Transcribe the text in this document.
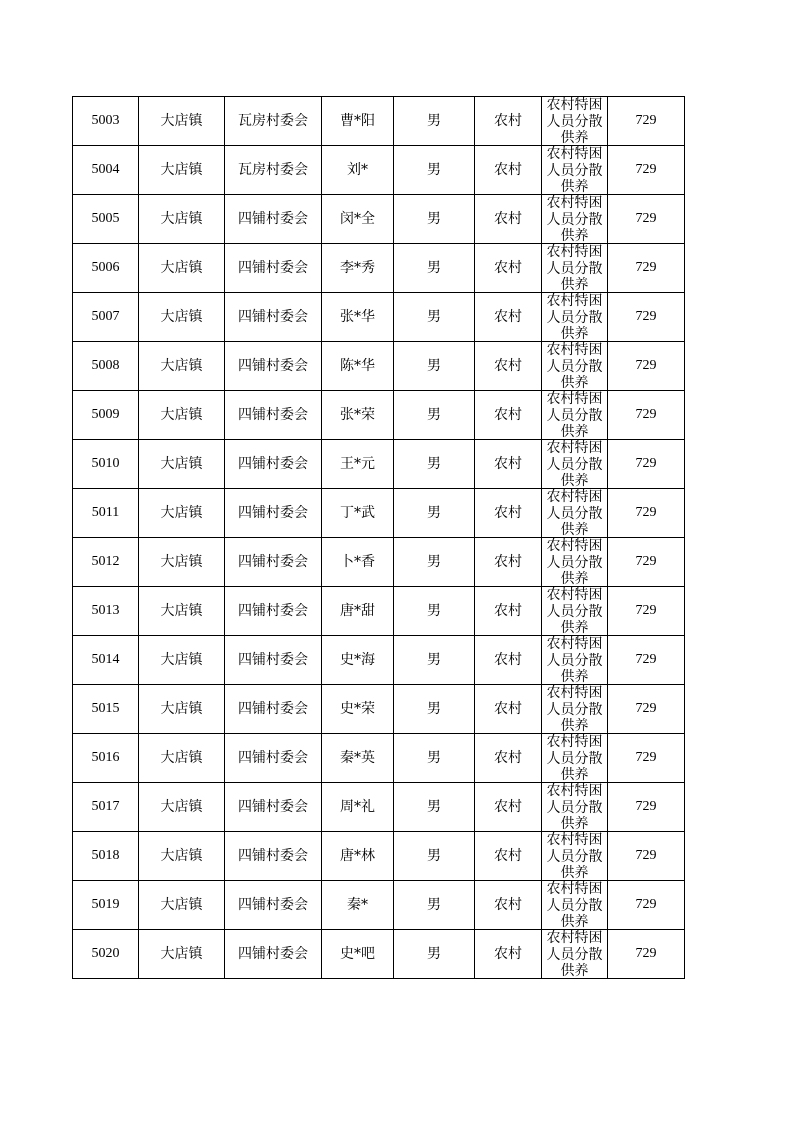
5003	大店镇	瓦房村委会	曹*阳	男	农村	农村特困人员分散供养	729
5004	大店镇	瓦房村委会	刘*	男	农村	农村特困人员分散供养	729
5005	大店镇	四铺村委会	闵*全	男	农村	农村特困人员分散供养	729
5006	大店镇	四铺村委会	李*秀	男	农村	农村特困人员分散供养	729
5007	大店镇	四铺村委会	张*华	男	农村	农村特困人员分散供养	729
5008	大店镇	四铺村委会	陈*华	男	农村	农村特困人员分散供养	729
5009	大店镇	四铺村委会	张*荣	男	农村	农村特困人员分散供养	729
5010	大店镇	四铺村委会	王*元	男	农村	农村特困人员分散供养	729
5011	大店镇	四铺村委会	丁*武	男	农村	农村特困人员分散供养	729
5012	大店镇	四铺村委会	卜*香	男	农村	农村特困人员分散供养	729
5013	大店镇	四铺村委会	唐*甜	男	农村	农村特困人员分散供养	729
5014	大店镇	四铺村委会	史*海	男	农村	农村特困人员分散供养	729
5015	大店镇	四铺村委会	史*荣	男	农村	农村特困人员分散供养	729
5016	大店镇	四铺村委会	秦*英	男	农村	农村特困人员分散供养	729
5017	大店镇	四铺村委会	周*礼	男	农村	农村特困人员分散供养	729
5018	大店镇	四铺村委会	唐*林	男	农村	农村特困人员分散供养	729
5019	大店镇	四铺村委会	秦*	男	农村	农村特困人员分散供养	729
5020	大店镇	四铺村委会	史*吧	男	农村	农村特困人员分散供养	729
